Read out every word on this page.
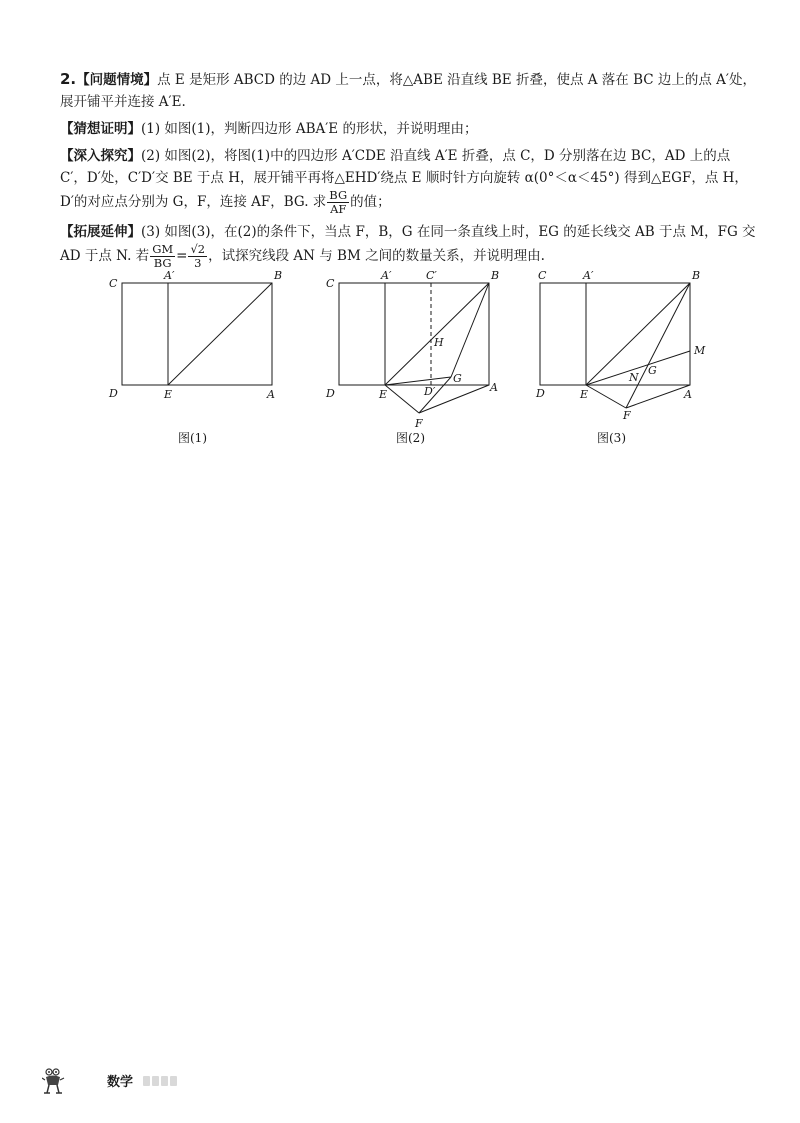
2.【问题情境】点 E 是矩形 ABCD 的边 AD 上一点，将△ABE 沿直线 BE 折叠，使点 A 落在 BC 边上的点 A′处，展开铺平并连接 A′E.

【猜想证明】(1) 如图(1)，判断四边形 ABA′E 的形状，并说明理由；

【深入探究】(2) 如图(2)，将图(1)中的四边形 A′CDE 沿直线 A′E 折叠，点 C，D 分别落在边 BC，AD 上的点 C′，D′处，C′D′交 BE 于点 H，展开铺平再将△EHD′绕点 E 顺时针方向旋转 α(0°＜α＜45°) 得到△EGF，点 H，D′的对应点分别为 G，F，连接 AF，BG. 求 $\frac{BG}{AF}$ 的值；

【拓展延伸】(3) 如图(3)，在(2)的条件下，当点 F，B，G 在同一条直线上时，EG 的延长线交 AB 于点 M，FG 交 AD 于点 N. 若 $\frac{GM}{BG} = \frac{√2}{3}$ ，试探究线段 AN 与 BM 之间的数量关系，并说明理由.

C
A′	B
D	E	A
图(1)
C
A′	C′	B
H
G
D	E	D′	A
F
图(2)
C	A′	B
M
N
G
D	E	A
F
图(3)
数学
